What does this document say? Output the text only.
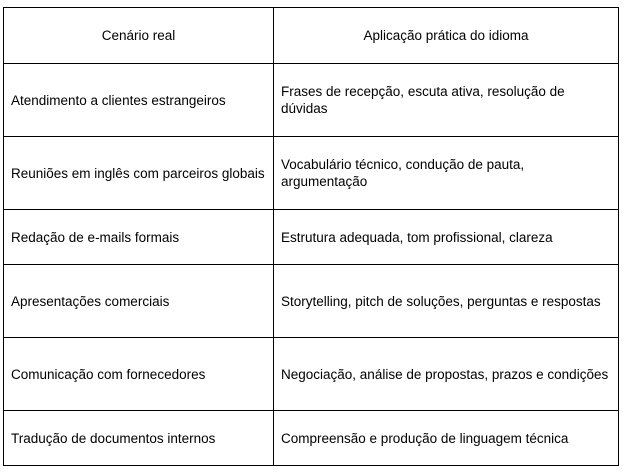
Cenário real	Aplicação prática do idioma
Atendimento a clientes estrangeiros	Frases de recepção, escuta ativa, resolução de dúvidas
Reuniões em inglês com parceiros globais	Vocabulário técnico, condução de pauta, argumentação
Redação de e-mails formais	Estrutura adequada, tom profissional, clareza
Apresentações comerciais	Storytelling, pitch de soluções, perguntas e respostas
Comunicação com fornecedores	Negociação, análise de propostas, prazos e condições
Tradução de documentos internos	Compreensão e produção de linguagem técnica
